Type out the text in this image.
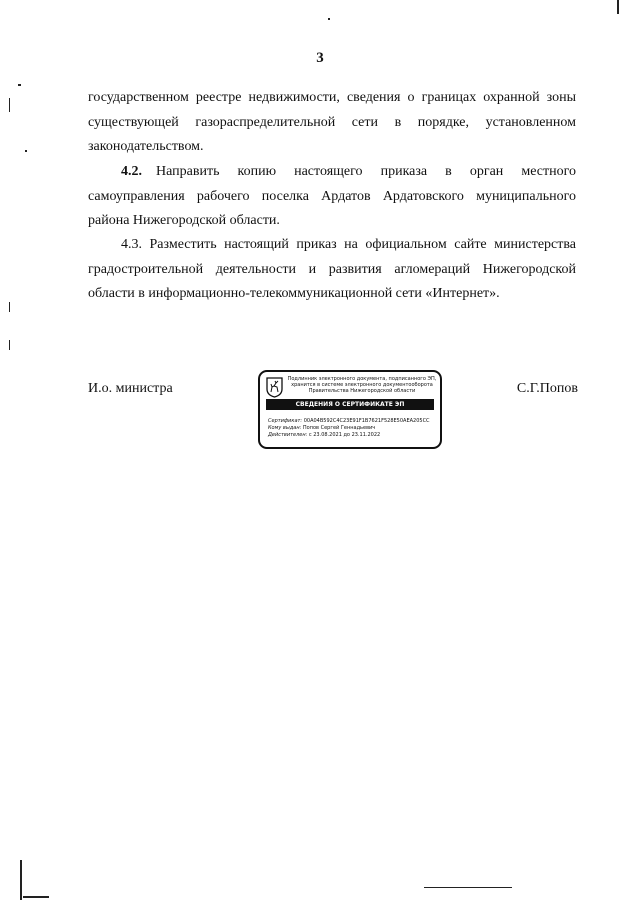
3

государственном реестре недвижимости, сведения о границах охранной зоны

существующей газораспределительной сети в порядке, установленном

законодательством.

4.2.  Направить копию настоящего приказа в орган местного

самоуправления рабочего поселка Ардатов Ардатовского муниципального

района Нижегородской области.

4.3. Разместить настоящий приказ на официальном сайте министерства

градостроительной деятельности и развития агломераций Нижегородской

области в информационно-телекоммуникационной сети «Интернет».

И.о. министра	С.Г.Попов
Подлинник электронного документа, подписанного ЭП,
хранится в системе электронного документооборота
Правительства Нижегородской области
СВЕДЕНИЯ О СЕРТИФИКАТЕ ЭП
Сертификат: 00A04B592C4C23E91F1B7621F528E50AEA205CC
Кому выдан: Попов Сергей Геннадьевич
Действителен: с 23.08.2021 до 23.11.2022
